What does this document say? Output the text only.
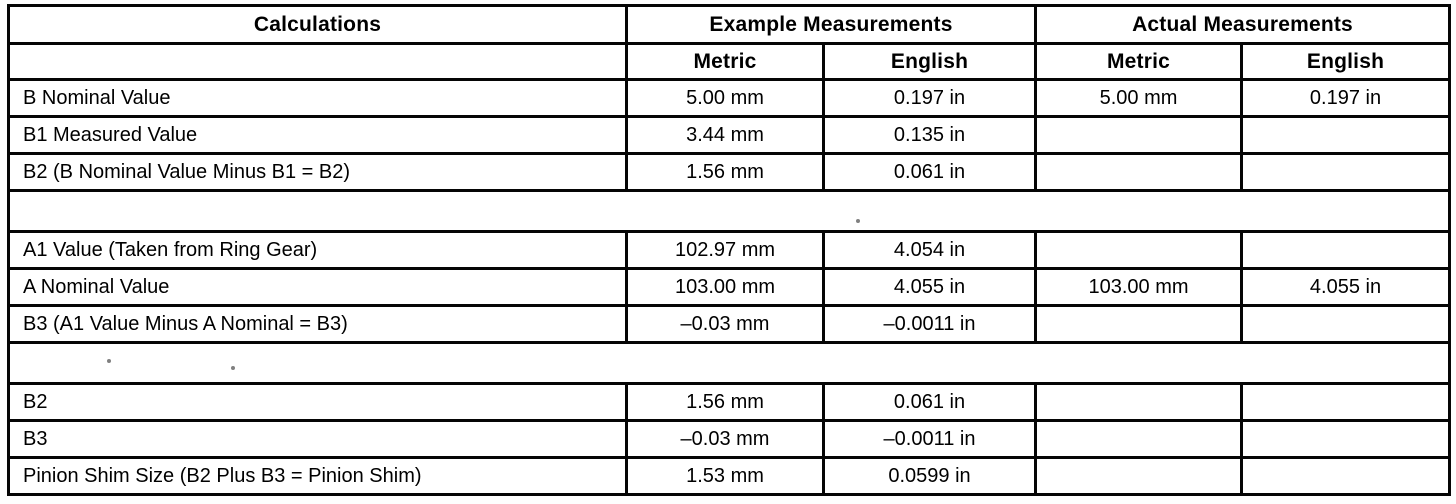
Calculations	Example Measurements		Actual Measurements	
	Metric	English	Metric	English
B Nominal Value	5.00 mm	0.197 in	5.00 mm	0.197 in
B1 Measured Value	3.44 mm	0.135 in		
B2 (B Nominal Value Minus B1 = B2)	1.56 mm	0.061 in		

A1 Value (Taken from Ring Gear)	102.97 mm	4.054 in		
A Nominal Value	103.00 mm	4.055 in	103.00 mm	4.055 in
B3 (A1 Value Minus A Nominal = B3)	–0.03 mm	–0.0011 in		

B2	1.56 mm	0.061 in		
B3	–0.03 mm	–0.0011 in		
Pinion Shim Size (B2 Plus B3 = Pinion Shim)	1.53 mm	0.0599 in		
